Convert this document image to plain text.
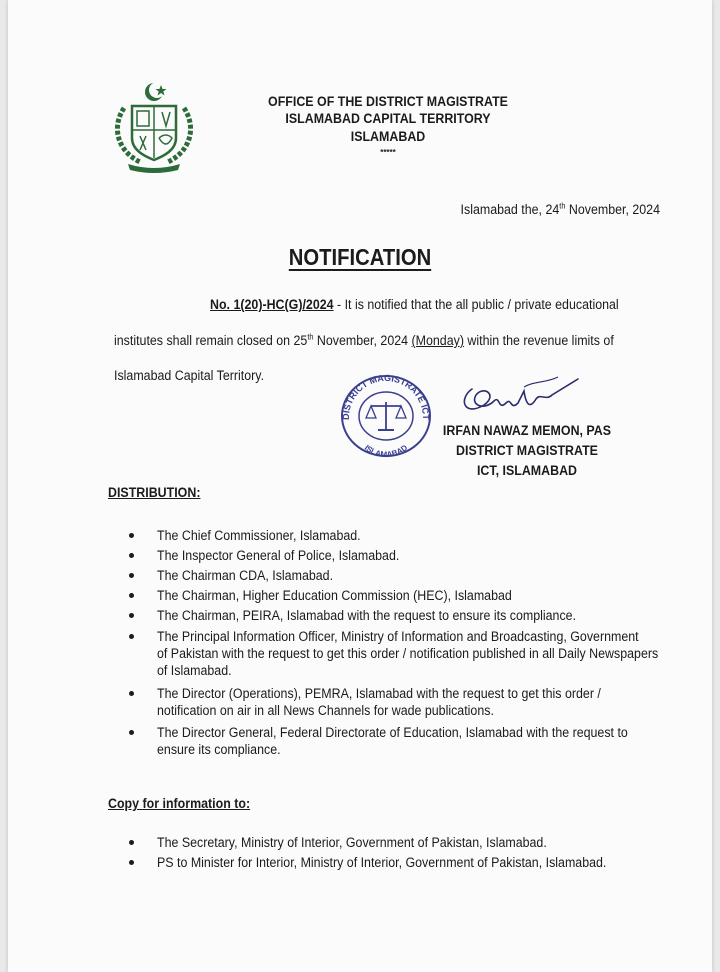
OFFICE OF THE DISTRICT MAGISTRATE
ISLAMABAD CAPITAL TERRITORY
ISLAMABAD
*****
Islamabad the, 24th November, 2024
NOTIFICATION
No. 1(20)-HC(G)/2024 - It is notified that the all public / private educational
institutes shall remain closed on 25th November, 2024 (Monday) within the revenue limits of
Islamabad Capital Territory.
DISTRICT MAGISTRATE ICT
ISLAMABAD
IRFAN NAWAZ MEMON, PAS
DISTRICT MAGISTRATE
ICT, ISLAMABAD
DISTRIBUTION:
The Chief Commissioner, Islamabad.
The Inspector General of Police, Islamabad.
The Chairman CDA, Islamabad.
The Chairman, Higher Education Commission (HEC), Islamabad
The Chairman, PEIRA, Islamabad with the request to ensure its compliance.
The Principal Information Officer, Ministry of Information and Broadcasting, Government
of Pakistan with the request to get this order / notification published in all Daily Newspapers
of Islamabad.
The Director (Operations), PEMRA, Islamabad with the request to get this order /
notification on air in all News Channels for wade publications.
The Director General, Federal Directorate of Education, Islamabad with the request to
ensure its compliance.
Copy for information to:
The Secretary, Ministry of Interior, Government of Pakistan, Islamabad.
PS to Minister for Interior, Ministry of Interior, Government of Pakistan, Islamabad.
